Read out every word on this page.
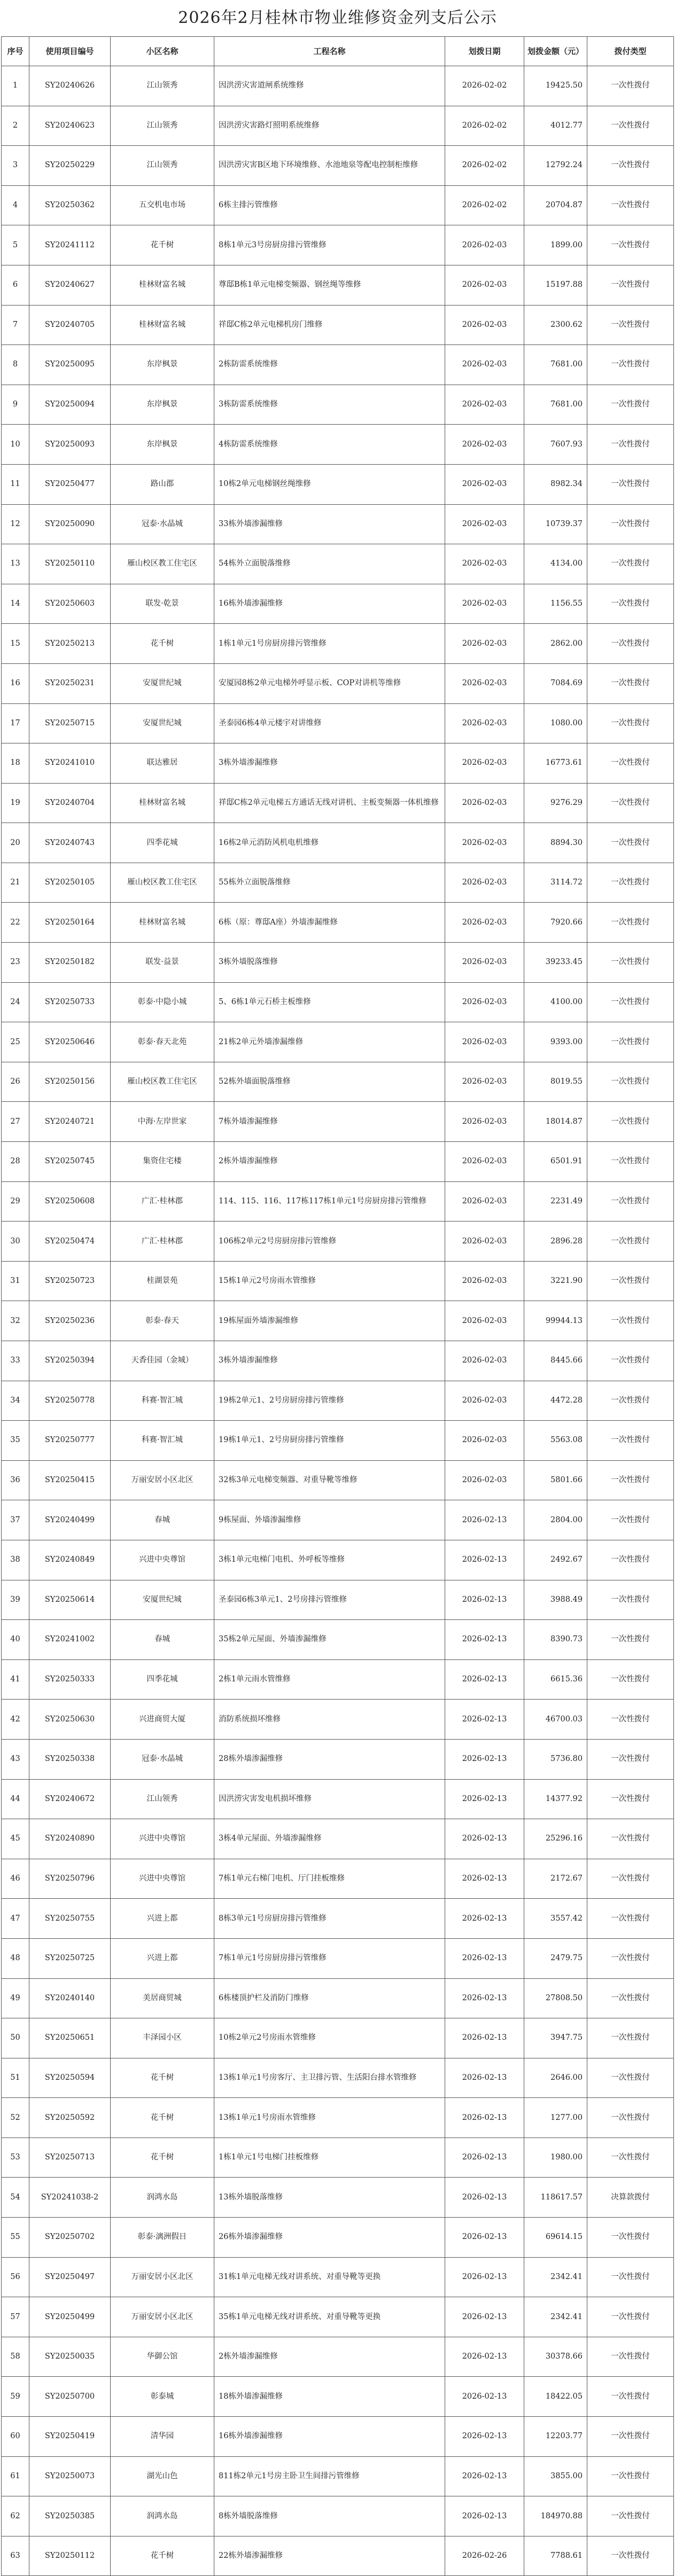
2026年2月桂林市物业维修资金列支后公示
序号	使用项目编号	小区名称	工程名称	划拨日期	划拨金额（元）	拨付类型
1	SY20240626	江山领秀	因洪涝灾害道闸系统维修	2026-02-02	19425.50	一次性拨付
2	SY20240623	江山领秀	因洪涝灾害路灯照明系统维修	2026-02-02	4012.77	一次性拨付
3	SY20250229	江山领秀	因洪涝灾害B区地下环境维修、水池地泉等配电控制柜维修	2026-02-02	12792.24	一次性拨付
4	SY20250362	五交机电市场	6栋主排污管维修	2026-02-02	20704.87	一次性拨付
5	SY20241112	花千树	8栋1单元3号房厨房排污管维修	2026-02-03	1899.00	一次性拨付
6	SY20240627	桂林财富名城	尊邸B栋1单元电梯变频器、钢丝绳等维修	2026-02-03	15197.88	一次性拨付
7	SY20240705	桂林财富名城	祥邸C栋2单元电梯机房门维修	2026-02-03	2300.62	一次性拨付
8	SY20250095	东岸枫景	2栋防雷系统维修	2026-02-03	7681.00	一次性拨付
9	SY20250094	东岸枫景	3栋防雷系统维修	2026-02-03	7681.00	一次性拨付
10	SY20250093	东岸枫景	4栋防雷系统维修	2026-02-03	7607.93	一次性拨付
11	SY20250477	路山郡	10栋2单元电梯钢丝绳维修	2026-02-03	8982.34	一次性拨付
12	SY20250090	冠泰·水晶城	33栋外墙渗漏维修	2026-02-03	10739.37	一次性拨付
13	SY20250110	雁山校区教工住宅区	54栋外立面脱落维修	2026-02-03	4134.00	一次性拨付
14	SY20250603	联发·乾景	16栋外墙渗漏维修	2026-02-03	1156.55	一次性拨付
15	SY20250213	花千树	1栋1单元1号房厨房排污管维修	2026-02-03	2862.00	一次性拨付
16	SY20250231	安厦世纪城	安厦园8栋2单元电梯外呼显示板、COP对讲机等维修	2026-02-03	7084.69	一次性拨付
17	SY20250715	安厦世纪城	圣泰园6栋4单元楼宇对讲维修	2026-02-03	1080.00	一次性拨付
18	SY20241010	联达雅居	3栋外墙渗漏维修	2026-02-03	16773.61	一次性拨付
19	SY20240704	桂林财富名城	祥邸C栋2单元电梯五方通话无线对讲机、主板变频器一体机维修	2026-02-03	9276.29	一次性拨付
20	SY20240743	四季花城	16栋2单元消防风机电机维修	2026-02-03	8894.30	一次性拨付
21	SY20250105	雁山校区教工住宅区	55栋外立面脱落维修	2026-02-03	3114.72	一次性拨付
22	SY20250164	桂林财富名城	6栋（原：尊邸A座）外墙渗漏维修	2026-02-03	7920.66	一次性拨付
23	SY20250182	联发·益景	3栋外墙脱落维修	2026-02-03	39233.45	一次性拨付
24	SY20250733	彰泰·中隐小城	5、6栋1单元石桥主板维修	2026-02-03	4100.00	一次性拨付
25	SY20250646	彰泰·春天北苑	21栋2单元外墙渗漏维修	2026-02-03	9393.00	一次性拨付
26	SY20250156	雁山校区教工住宅区	52栋外墙面脱落维修	2026-02-03	8019.55	一次性拨付
27	SY20240721	中海·左岸世家	7栋外墙渗漏维修	2026-02-03	18014.87	一次性拨付
28	SY20250745	集资住宅楼	2栋外墙渗漏维修	2026-02-03	6501.91	一次性拨付
29	SY20250608	广汇·桂林郡	114、115、116、117栋117栋1单元1号房厨房排污管维修	2026-02-03	2231.49	一次性拨付
30	SY20250474	广汇·桂林郡	106栋2单元2号房厨房排污管维修	2026-02-03	2896.28	一次性拨付
31	SY20250723	桂湖景苑	15栋1单元2号房雨水管维修	2026-02-03	3221.90	一次性拨付
32	SY20250236	彰泰·春天	19栋屋面外墙渗漏维修	2026-02-03	99944.13	一次性拨付
33	SY20250394	天香佳园（金城）	3栋外墙渗漏维修	2026-02-03	8445.66	一次性拨付
34	SY20250778	科赛·智汇城	19栋2单元1、2号房厨房排污管维修	2026-02-03	4472.28	一次性拨付
35	SY20250777	科赛·智汇城	19栋1单元1、2号房厨房排污管维修	2026-02-03	5563.08	一次性拨付
36	SY20250415	万丽安居小区北区	32栋3单元电梯变频器、对重导靴等维修	2026-02-03	5801.66	一次性拨付
37	SY20240499	春城	9栋屋面、外墙渗漏维修	2026-02-13	2804.00	一次性拨付
38	SY20240849	兴进中央尊馆	3栋1单元电梯门电机、外呼板等维修	2026-02-13	2492.67	一次性拨付
39	SY20250614	安厦世纪城	圣泰园6栋3单元1、2号房排污管维修	2026-02-13	3988.49	一次性拨付
40	SY20241002	春城	35栋2单元屋面、外墙渗漏维修	2026-02-13	8390.73	一次性拨付
41	SY20250333	四季花城	2栋1单元雨水管维修	2026-02-13	6615.36	一次性拨付
42	SY20250630	兴进商贸大厦	消防系统损坏维修	2026-02-13	46700.03	一次性拨付
43	SY20250338	冠泰·水晶城	28栋外墙渗漏维修	2026-02-13	5736.80	一次性拨付
44	SY20240672	江山领秀	因洪涝灾害发电机损坏维修	2026-02-13	14377.92	一次性拨付
45	SY20240890	兴进中央尊馆	3栋4单元屋面、外墙渗漏维修	2026-02-13	25296.16	一次性拨付
46	SY20250796	兴进中央尊馆	7栋1单元右梯门电机、厅门挂板维修	2026-02-13	2172.67	一次性拨付
47	SY20250755	兴进上都	8栋3单元1号房厨房排污管维修	2026-02-13	3557.42	一次性拨付
48	SY20250725	兴进上都	7栋1单元1号房厨房排污管维修	2026-02-13	2479.75	一次性拨付
49	SY20240140	美居商贸城	6栋楼顶护栏及消防门维修	2026-02-13	27808.50	一次性拨付
50	SY20250651	丰泽园小区	10栋2单元2号房雨水管维修	2026-02-13	3947.75	一次性拨付
51	SY20250594	花千树	13栋1单元1号房客厅、主卫排污管、生活阳台排水管维修	2026-02-13	2646.00	一次性拨付
52	SY20250592	花千树	13栋1单元1号房雨水管维修	2026-02-13	1277.00	一次性拨付
53	SY20250713	花千树	1栋1单元1号电梯门挂板维修	2026-02-13	1980.00	一次性拨付
54	SY20241038-2	润鸿水岛	13栋外墙脱落维修	2026-02-13	118617.57	决算款拨付
55	SY20250702	彰泰·漓洲假日	26栋外墙渗漏维修	2026-02-13	69614.15	一次性拨付
56	SY20250497	万丽安居小区北区	31栋1单元电梯无线对讲系统、对重导靴等更换	2026-02-13	2342.41	一次性拨付
57	SY20250499	万丽安居小区北区	35栋1单元电梯无线对讲系统、对重导靴等更换	2026-02-13	2342.41	一次性拨付
58	SY20250035	华御公馆	2栋外墙渗漏维修	2026-02-13	30378.66	一次性拨付
59	SY20250700	彰泰城	18栋外墙渗漏维修	2026-02-13	18422.05	一次性拨付
60	SY20250419	清华园	16栋外墙渗漏维修	2026-02-13	12203.77	一次性拨付
61	SY20250073	湖光山色	811栋2单元1号房主卧卫生间排污管维修	2026-02-13	3855.00	一次性拨付
62	SY20250385	润鸿水岛	8栋外墙脱落维修	2026-02-13	184970.88	一次性拨付
63	SY20250112	花千树	22栋外墙渗漏维修	2026-02-26	7788.61	一次性拨付
